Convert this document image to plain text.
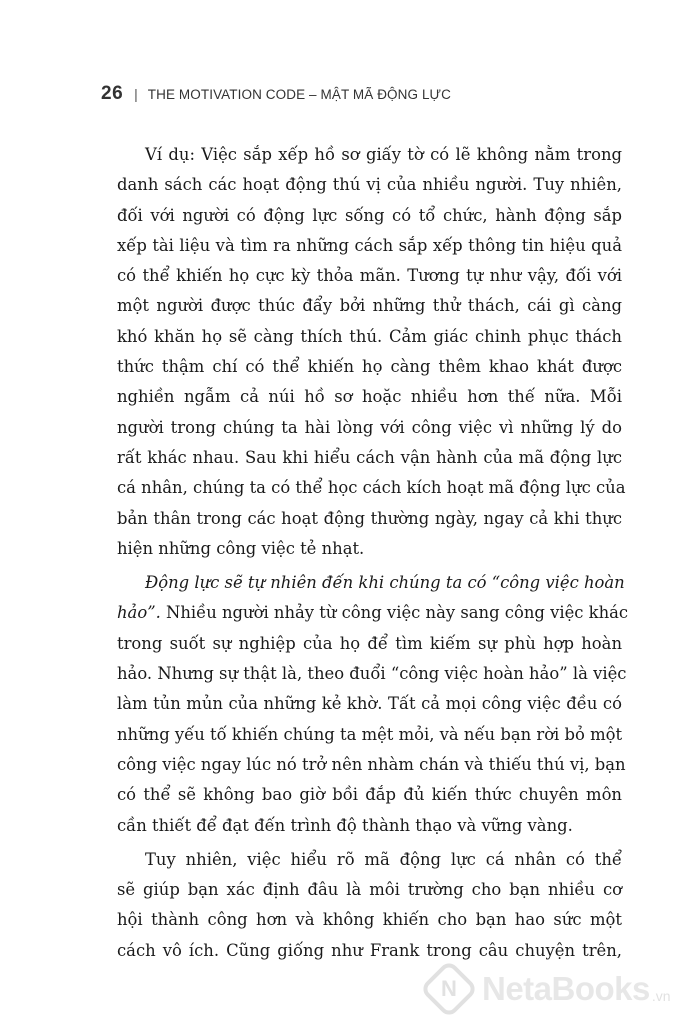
26 | THE MOTIVATION CODE – MẬT MÃ ĐỘNG LỰC
Ví dụ: Việc sắp xếp hồ sơ giấy tờ có lẽ không nằm trong
danh sách các hoạt động thú vị của nhiều người. Tuy nhiên,
đối với người có động lực sống có tổ chức, hành động sắp
xếp tài liệu và tìm ra những cách sắp xếp thông tin hiệu quả
có thể khiến họ cực kỳ thỏa mãn. Tương tự như vậy, đối với
một người được thúc đẩy bởi những thử thách, cái gì càng
khó khăn họ sẽ càng thích thú. Cảm giác chinh phục thách
thức thậm chí có thể khiến họ càng thêm khao khát được
nghiền ngẫm cả núi hồ sơ hoặc nhiều hơn thế nữa. Mỗi
người trong chúng ta hài lòng với công việc vì những lý do
rất khác nhau. Sau khi hiểu cách vận hành của mã động lực
cá nhân, chúng ta có thể học cách kích hoạt mã động lực của
bản thân trong các hoạt động thường ngày, ngay cả khi thực
hiện những công việc tẻ nhạt.
Động lực sẽ tự nhiên đến khi chúng ta có “công việc hoàn
hảo”. Nhiều người nhảy từ công việc này sang công việc khác
trong suốt sự nghiệp của họ để tìm kiếm sự phù hợp hoàn
hảo. Nhưng sự thật là, theo đuổi “công việc hoàn hảo” là việc
làm tủn mủn của những kẻ khờ. Tất cả mọi công việc đều có
những yếu tố khiến chúng ta mệt mỏi, và nếu bạn rời bỏ một
công việc ngay lúc nó trở nên nhàm chán và thiếu thú vị, bạn
có thể sẽ không bao giờ bồi đắp đủ kiến thức chuyên môn
cần thiết để đạt đến trình độ thành thạo và vững vàng.
Tuy nhiên, việc hiểu rõ mã động lực cá nhân có thể
sẽ giúp bạn xác định đâu là môi trường cho bạn nhiều cơ
hội thành công hơn và không khiến cho bạn hao sức một
cách vô ích. Cũng giống như Frank trong câu chuyện trên,
N NetaBooks .vn
